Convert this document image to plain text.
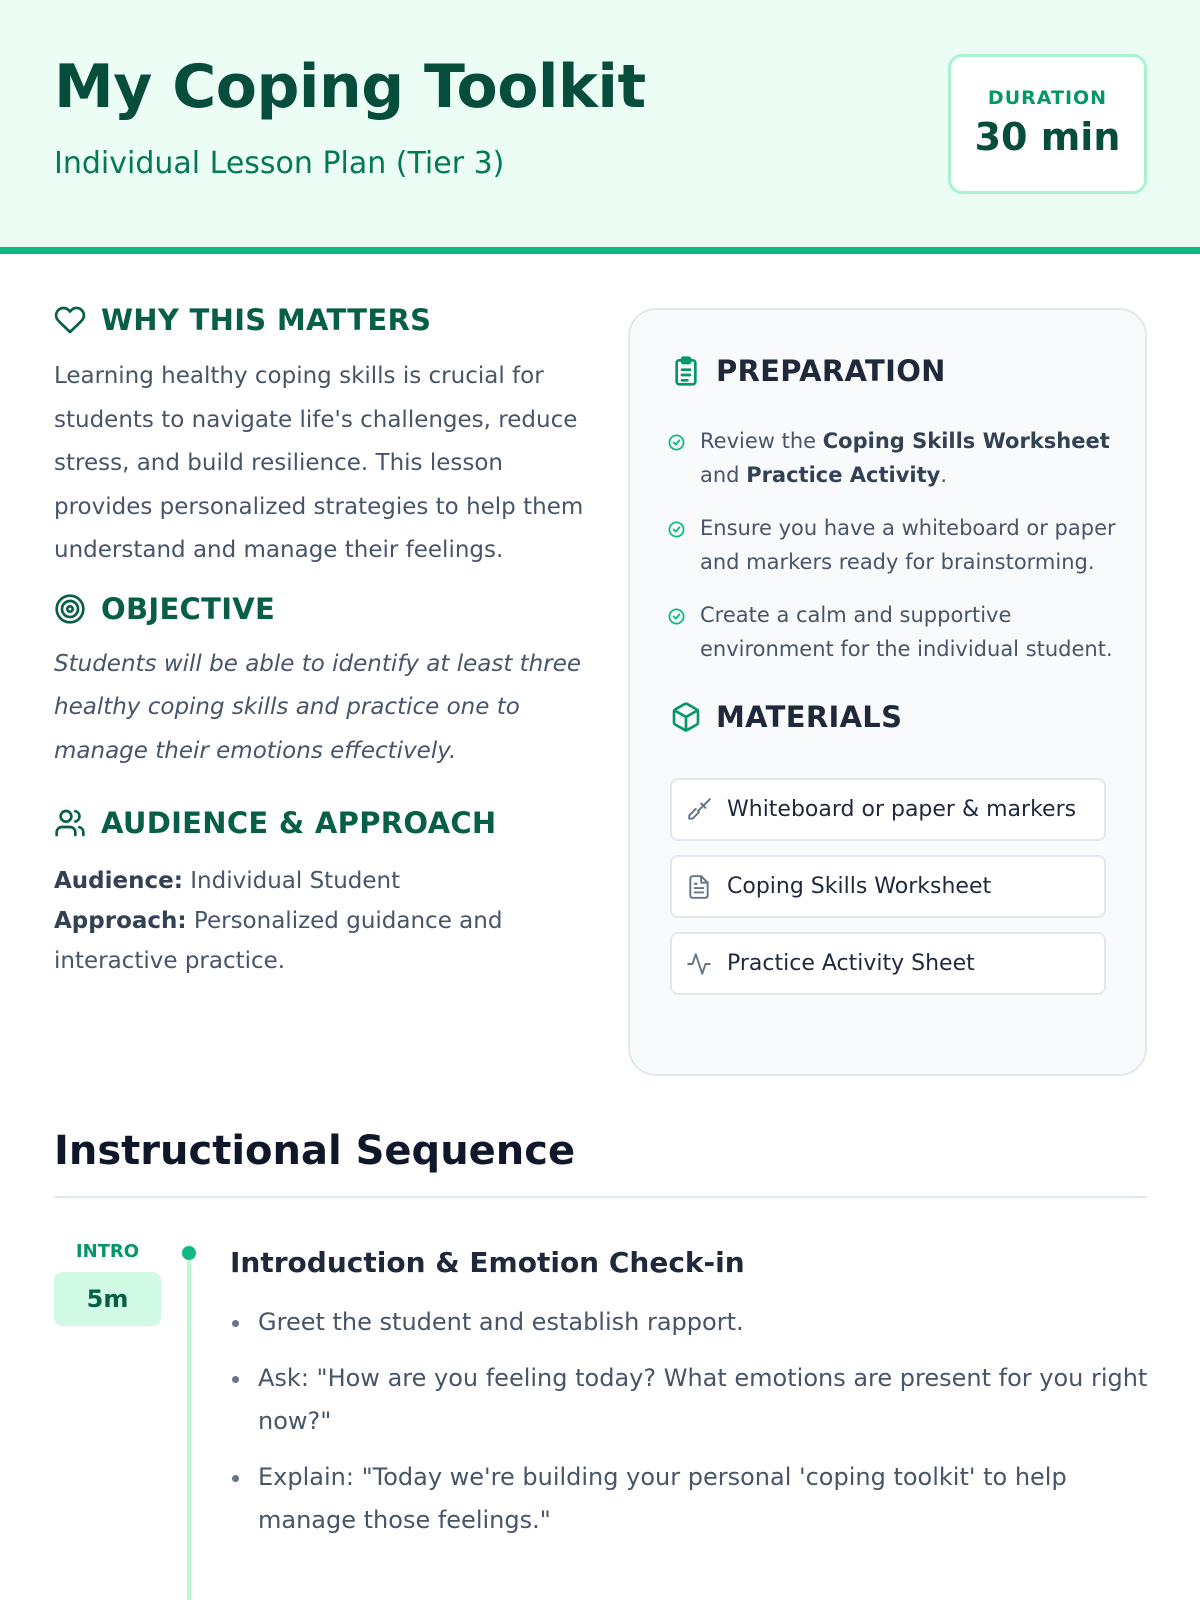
My Coping Toolkit
Individual Lesson Plan (Tier 3)
DURATION
30 min
WHY THIS MATTERS

Learning healthy coping skills is crucial for students to navigate life's challenges, reduce stress, and build resilience. This lesson provides personalized strategies to help them understand and manage their feelings.

OBJECTIVE

Students will be able to identify at least three healthy coping skills and practice one to manage their emotions effectively.

AUDIENCE & APPROACH
Audience: Individual Student
Approach: Personalized guidance and interactive practice.
PREPARATION
Review the Coping Skills Worksheet and Practice Activity.
Ensure you have a whiteboard or paper and markers ready for brainstorming.
Create a calm and supportive environment for the individual student.
MATERIALS
Whiteboard or paper & markers
Coping Skills Worksheet
Practice Activity Sheet
Instructional Sequence
INTRO
5m
Introduction & Emotion Check-in
Greet the student and establish rapport.
Ask: "How are you feeling today? What emotions are present for you right now?"
Explain: "Today we're building your personal 'coping toolkit' to help manage those feelings."
